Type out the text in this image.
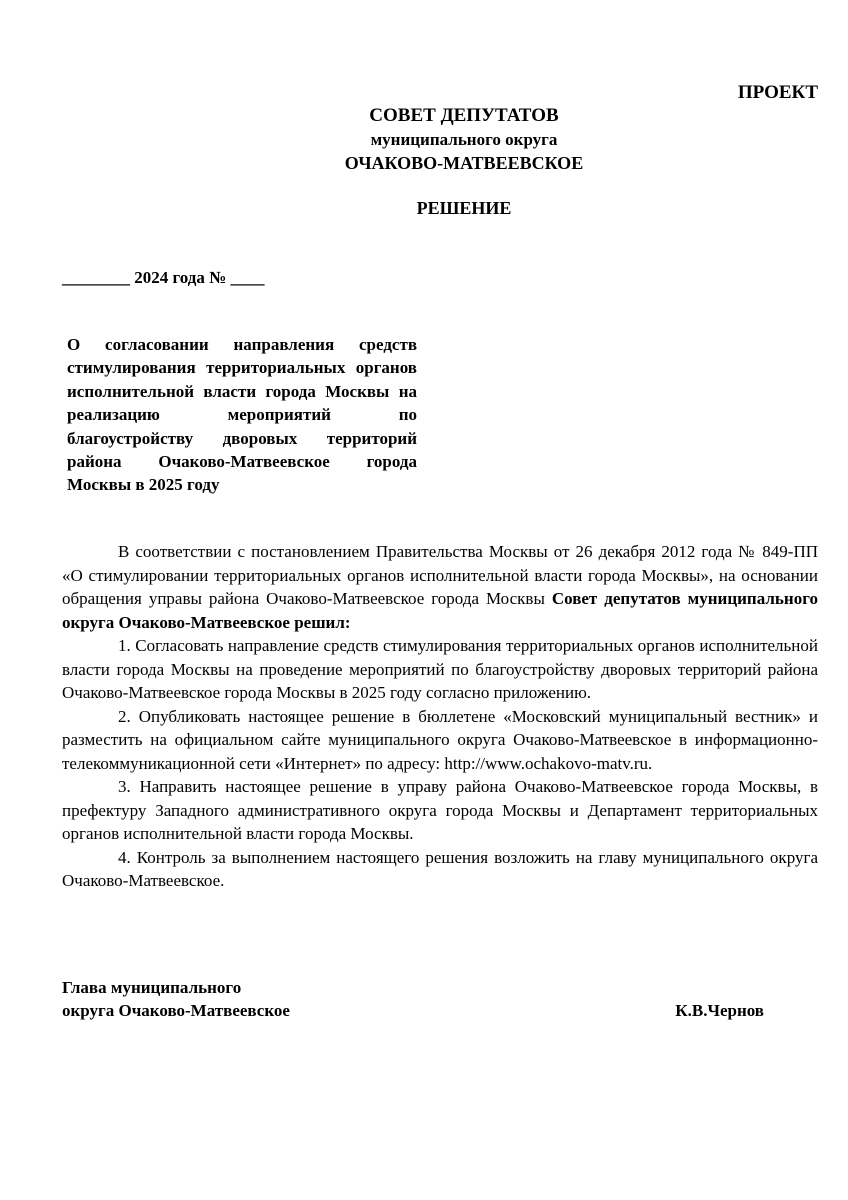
ПРОЕКТ
СОВЕТ ДЕПУТАТОВ
муниципального округа
ОЧАКОВО-МАТВЕЕВСКОЕ
РЕШЕНИЕ
________ 2024 года № ____
О согласовании направления средств стимулирования территориальных органов исполнительной власти города Москвы на реализацию мероприятий по благоустройству дворовых территорий района Очаково-Матвеевское города Москвы в 2025 году

В соответствии с постановлением Правительства Москвы от 26 декабря 2012 года № 849-ПП «О стимулировании территориальных органов исполнительной власти города Москвы», на основании обращения управы района Очаково-Матвеевское города Москвы Совет депутатов муниципального округа Очаково-Матвеевское решил:

1. Согласовать направление средств стимулирования территориальных органов исполнительной власти города Москвы на проведение мероприятий по благоустройству дворовых территорий района Очаково-Матвеевское города Москвы в 2025 году согласно приложению.

2. Опубликовать настоящее решение в бюллетене «Московский муниципальный вестник» и разместить на официальном сайте муниципального округа Очаково-Матвеевское в информационно-телекоммуникационной сети «Интернет» по адресу: http://www.ochakovo-matv.ru.

3. Направить настоящее решение в управу района Очаково-Матвеевское города Москвы, в префектуру Западного административного округа города Москвы и Департамент территориальных органов исполнительной власти города Москвы.

4. Контроль за выполнением настоящего решения возложить на главу муниципального округа Очаково-Матвеевское.

Глава муниципального
округа Очаково-Матвеевское	К.В.Чернов
